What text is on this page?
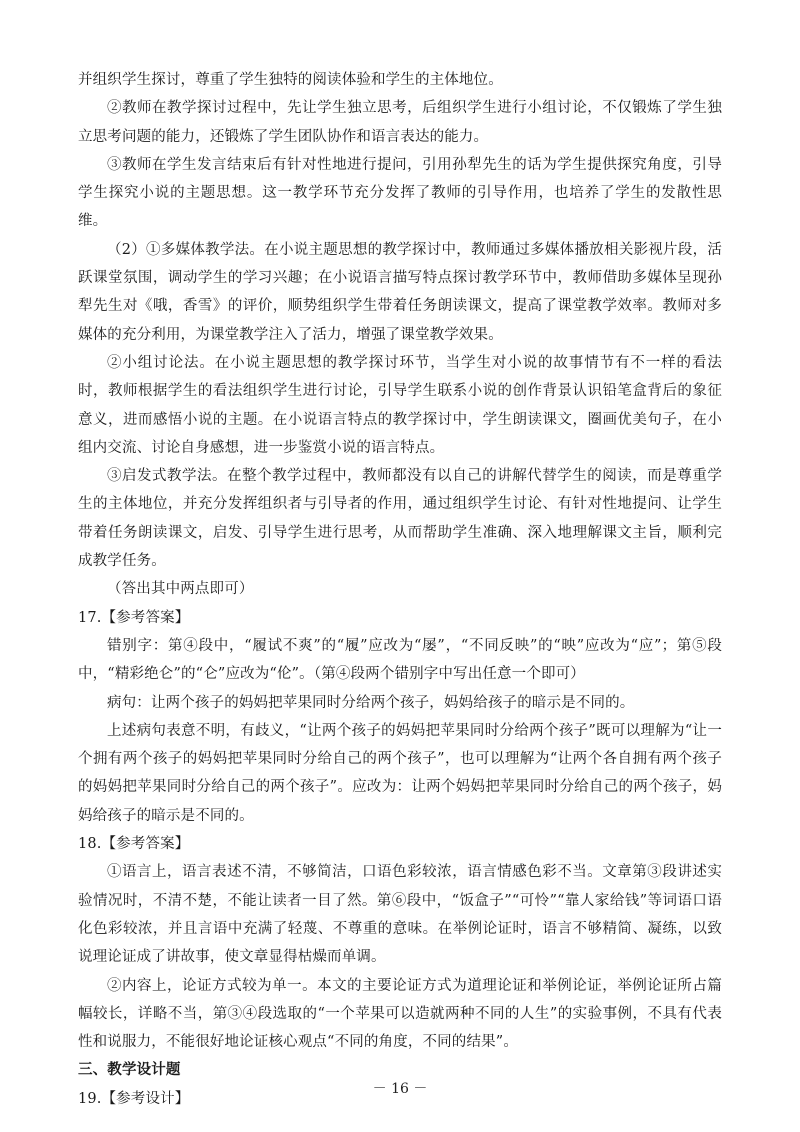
并组织学生探讨，尊重了学生独特的阅读体验和学生的主体地位。

②教师在教学探讨过程中，先让学生独立思考，后组织学生进行小组讨论，不仅锻炼了学生独立思考问题的能力，还锻炼了学生团队协作和语言表达的能力。

③教师在学生发言结束后有针对性地进行提问，引用孙犁先生的话为学生提供探究角度，引导学生探究小说的主题思想。这一教学环节充分发挥了教师的引导作用，也培养了学生的发散性思维。

（2）①多媒体教学法。在小说主题思想的教学探讨中，教师通过多媒体播放相关影视片段，活跃课堂氛围，调动学生的学习兴趣；在小说语言描写特点探讨教学环节中，教师借助多媒体呈现孙犁先生对《哦，香雪》的评价，顺势组织学生带着任务朗读课文，提高了课堂教学效率。教师对多媒体的充分利用，为课堂教学注入了活力，增强了课堂教学效果。

②小组讨论法。在小说主题思想的教学探讨环节，当学生对小说的故事情节有不一样的看法时，教师根据学生的看法组织学生进行讨论，引导学生联系小说的创作背景认识铅笔盒背后的象征意义，进而感悟小说的主题。在小说语言特点的教学探讨中，学生朗读课文，圈画优美句子，在小组内交流、讨论自身感想，进一步鉴赏小说的语言特点。

③启发式教学法。在整个教学过程中，教师都没有以自己的讲解代替学生的阅读，而是尊重学生的主体地位，并充分发挥组织者与引导者的作用，通过组织学生讨论、有针对性地提问、让学生带着任务朗读课文，启发、引导学生进行思考，从而帮助学生准确、深入地理解课文主旨，顺利完成教学任务。

（答出其中两点即可）

17.【参考答案】

错别字：第④段中，“履试不爽”的“履”应改为“屡”，“不同反映”的“映”应改为“应”；第⑤段中，“精彩绝仑”的“仑”应改为“伦”。（第④段两个错别字中写出任意一个即可）

病句：让两个孩子的妈妈把苹果同时分给两个孩子，妈妈给孩子的暗示是不同的。

上述病句表意不明，有歧义，“让两个孩子的妈妈把苹果同时分给两个孩子”既可以理解为“让一个拥有两个孩子的妈妈把苹果同时分给自己的两个孩子”，也可以理解为“让两个各自拥有两个孩子的妈妈把苹果同时分给自己的两个孩子”。应改为：让两个妈妈把苹果同时分给自己的两个孩子，妈妈给孩子的暗示是不同的。

18.【参考答案】

①语言上，语言表述不清，不够简洁，口语色彩较浓，语言情感色彩不当。文章第③段讲述实验情况时，不清不楚，不能让读者一目了然。第⑥段中，“饭盒子”“可怜”“靠人家给钱”等词语口语化色彩较浓，并且言语中充满了轻蔑、不尊重的意味。在举例论证时，语言不够精简、凝练，以致说理论证成了讲故事，使文章显得枯燥而单调。

②内容上，论证方式较为单一。本文的主要论证方式为道理论证和举例论证，举例论证所占篇幅较长，详略不当，第③④段选取的“一个苹果可以造就两种不同的人生”的实验事例，不具有代表性和说服力，不能很好地论证核心观点“不同的角度，不同的结果”。

三、教学设计题

19.【参考设计】

－ 16 －
